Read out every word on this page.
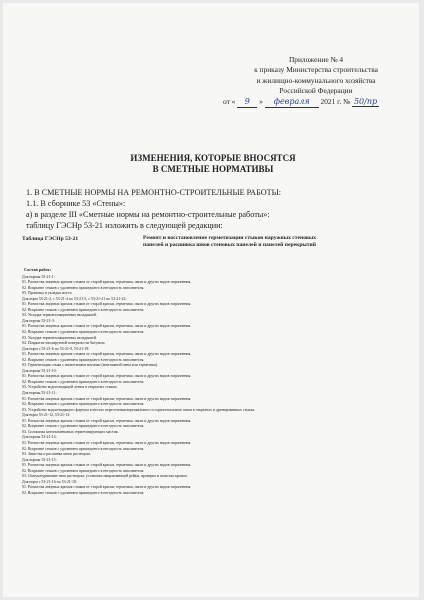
Приложение № 4
к приказу Министерства строительства
и жилищно-коммунального хозяйства
Российской Федерации
от « 9 » февраля 2021 г. № 50/пр
ИЗМЕНЕНИЯ, КОТОРЫЕ ВНОСЯТСЯ
В СМЕТНЫЕ НОРМАТИВЫ
1. В СМЕТНЫЕ НОРМЫ НА РЕМОНТНО-СТРОИТЕЛЬНЫЕ РАБОТЫ:
1.1. В сборнике 53 «Стены»:
а) в разделе III «Сметные нормы на ремонтно-строительные работы»:
таблицу ГЭСНр 53-21 изложить в следующей редакции:
Таблица ГЭСНр 53-21	Ремонт и восстановление герметизации стыков наружных стеновых
панелей и расшивка швов стеновых панелей и панелей перекрытий
Состав работ:
Для нормы 53-21-1:
01. Расчистка лицевых кромок стыков от старой краски, герметика, пыли и других видов загрязнения.
02. Вскрытие стыков с удалением пришедшего в негодность заполнителя.
03. Промазка и укладка жгута.
Для норм 53-21-2, с 53-21-4 по 53-21-5, с 53-21-21 по 53-21-22:
01. Расчистка лицевых кромок стыков от старой краски, герметика, пыли и других видов загрязнения.
02. Вскрытие стыков с удалением пришедшего в негодность заполнителя.
03. Укладка термоизоляционных вкладышей.
Для нормы 53-21-3:
01. Расчистка лицевых кромок стыков от старой краски, герметика, пыли и других видов загрязнения.
02. Вскрытие стыков с удалением пришедшего в негодность заполнителя.
03. Укладка термоизоляционных вкладышей.
04. Покрытие изолируемой поверхности битумом.
Для норм с 53-21-6 по 53-21-9, 53-21-19:
01. Расчистка лицевых кромок стыков от старой краски, герметика, пыли и других видов загрязнения.
02. Вскрытие стыков с удалением пришедшего в негодность заполнителя.
03. Герметизация стыка с нагнетанием мастики (монтажной пены или герметика).
Для нормы 53-21-10:
01. Расчистка лицевых кромок стыков от старой краски, герметика, пыли и других видов загрязнения.
02. Вскрытие стыков с удалением пришедшего в негодность заполнителя.
03. Устройство водоотводящей ленты в открытых стыках.
Для нормы 53-21-11:
01. Расчистка лицевых кромок стыков от старой краски, герметика, пыли и других видов загрязнения.
02. Вскрытие стыков с удалением пришедшего в негодность заполнителя.
03. Устройство водоотводящего фартука в местах пересечения вертикального и горизонтального швов в открытых и дренированных стыках.
Для норм 53-21-12, 53-21-13:
01. Расчистка лицевых кромок стыков от старой краски, герметика, пыли и других видов загрязнения.
02. Вскрытие стыков с удалением пришедшего в негодность заполнителя.
03. Сплошная каттехаменыных герметизирующих мастик.
Для нормы 53-21-14:
01. Расчистка лицевых кромок стыков от старой краски, герметика, пыли и других видов загрязнения.
02. Вскрытие стыков с удалением пришедшего в негодность заполнителя.
03. Зачистка и расшивка швов раствором.
Для нормы 53-21-15:
01. Расчистка лицевых кромок стыков от старой краски, герметика, пыли и других видов загрязнения.
02. Вскрытие стыков с удалением пришедшего в негодность заполнителя.
03. Оштукатуривание ниш раствором, установка направляющей рейки, проверка и зачистка кромок.
Для норм с 53-21-16 по 53-21-18:
01. Расчистка лицевых кромок стыков от старой краски, герметика, пыли и других видов загрязнения.
02. Вскрытие стыков с удалением пришедшего в негодность заполнителя.
